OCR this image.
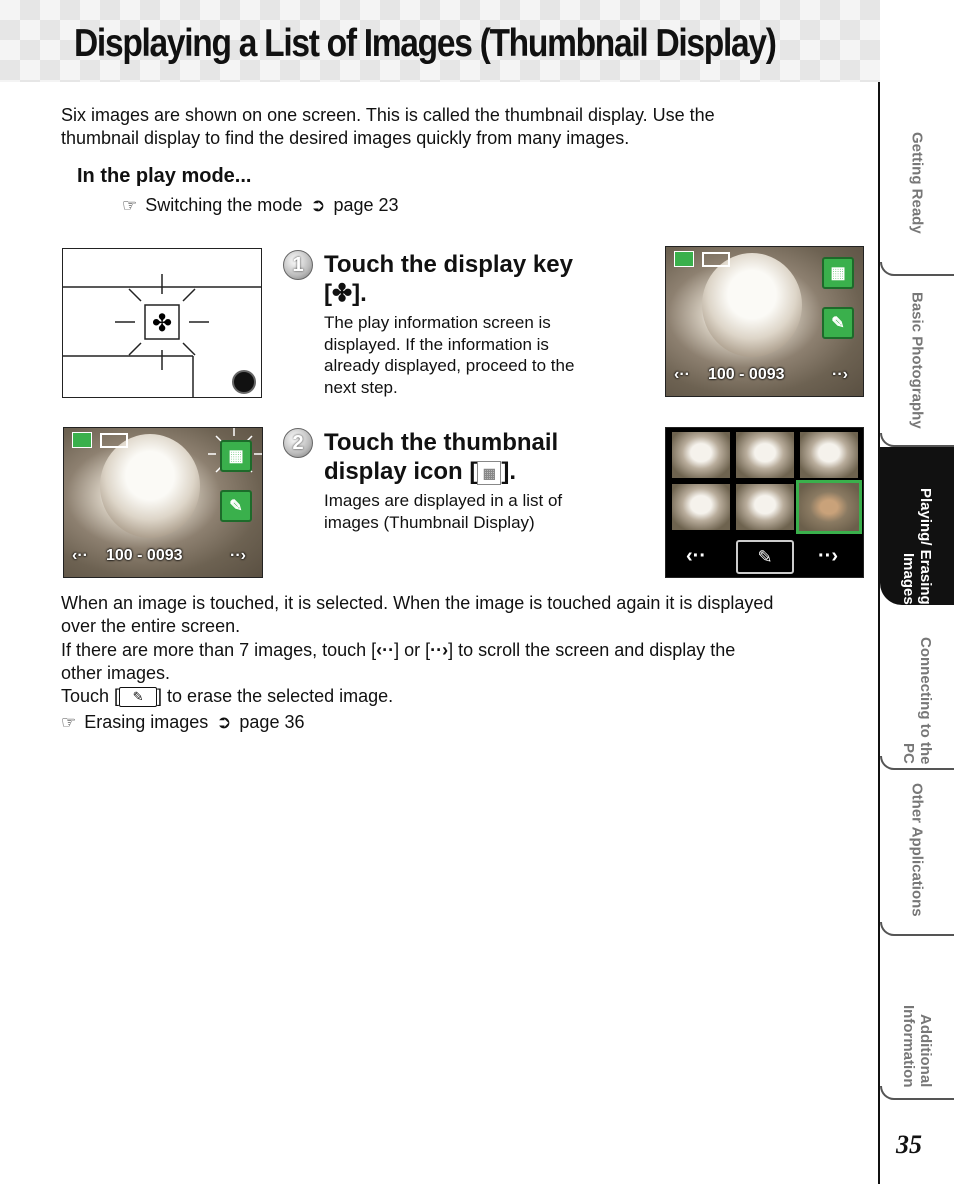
Displaying a List of Images (Thumbnail Display)
Six images are shown on one screen. This is called the thumbnail display. Use the
thumbnail display to find the desired images quickly from many images.
In the play mode...
☞ Switching the mode ➲ page 23
✤
1 Touch the display key
[✤].
The play information screen is
displayed. If the information is
already displayed, proceed to the
next step.
▦
✎
‹·· 100 - 0093	··›
▦
✎
‹·· 100 - 0093	··›
2 Touch the thumbnail
display icon [ ▦ ].
Images are displayed in a list of
images (Thumbnail Display)
‹··	✎	··›
When an image is touched, it is selected. When the image is touched again it is displayed
over the entire screen.
If there are more than 7 images, touch [‹··] or [··›] to scroll the screen and display the
other images.
Touch [ ✎ ] to erase the selected image.
☞ Erasing images ➲ page 36
Getting Ready
Basic Photography
Playing/ Erasing Images
Connecting to the PC
Other Applications
Additional Information
35
